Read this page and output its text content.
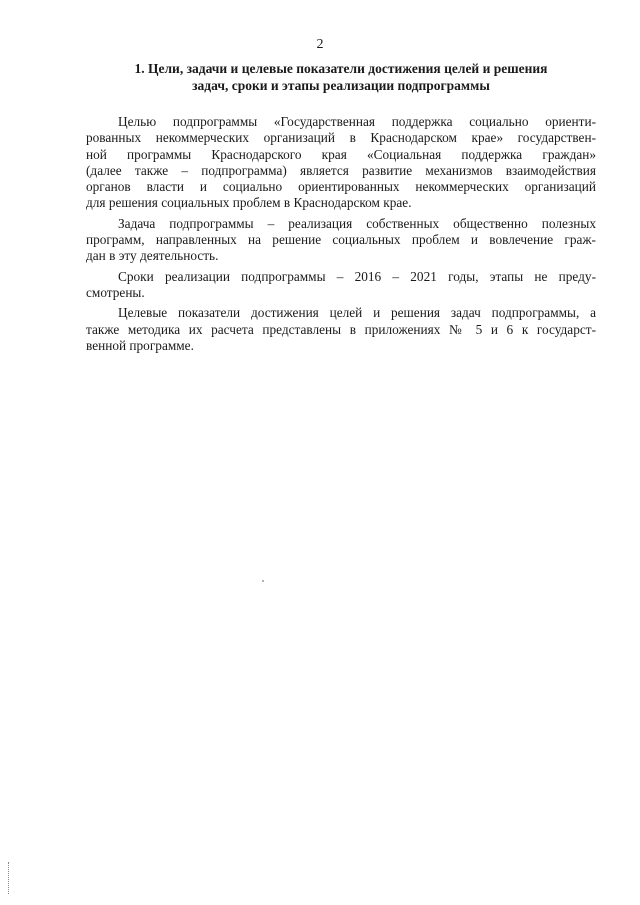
2
1. Цели, задачи и целевые показатели достижения целей и решения
задач, сроки и этапы реализации подпрограммы
Целью подпрограммы «Государственная поддержка социально ориенти-
рованных некоммерческих организаций в Краснодарском крае» государствен-
ной программы Краснодарского края «Социальная поддержка граждан»
(далее также – подпрограмма) является развитие механизмов взаимодействия
органов власти и социально ориентированных некоммерческих организаций
для решения социальных проблем в Краснодарском крае.
Задача подпрограммы – реализация собственных общественно полезных
программ, направленных на решение социальных проблем и вовлечение граж-
дан в эту деятельность.
Сроки реализации подпрограммы – 2016 – 2021 годы, этапы не преду-
смотрены.
Целевые показатели достижения целей и решения задач подпрограммы, а
также методика их расчета представлены в приложениях № 5 и 6 к государст-
венной программе.
